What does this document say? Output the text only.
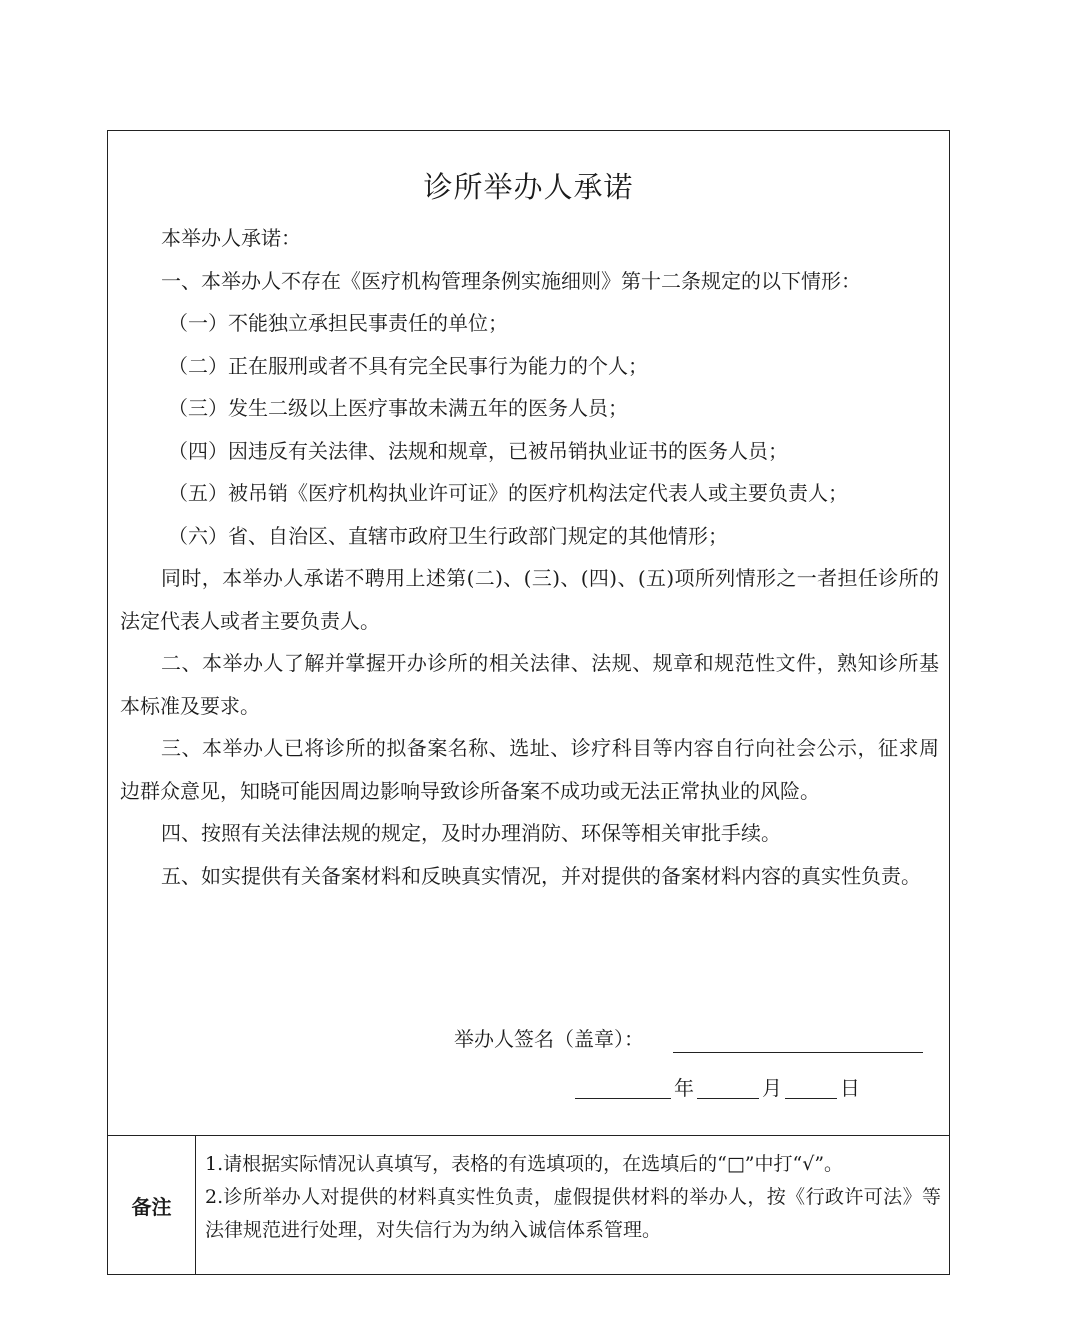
诊所举办人承诺

本举办人承诺：

一、本举办人不存在《医疗机构管理条例实施细则》第十二条规定的以下情形：

（一）不能独立承担民事责任的单位；

（二）正在服刑或者不具有完全民事行为能力的个人；

（三）发生二级以上医疗事故未满五年的医务人员；

（四）因违反有关法律、法规和规章，已被吊销执业证书的医务人员；

（五）被吊销《医疗机构执业许可证》的医疗机构法定代表人或主要负责人；

（六）省、自治区、直辖市政府卫生行政部门规定的其他情形；

同时，本举办人承诺不聘用上述第(二)、(三)、(四)、(五)项所列情形之一者担任诊所的法定代表人或者主要负责人。

二、本举办人了解并掌握开办诊所的相关法律、法规、规章和规范性文件，熟知诊所基本标准及要求。

三、本举办人已将诊所的拟备案名称、选址、诊疗科目等内容自行向社会公示，征求周边群众意见，知晓可能因周边影响导致诊所备案不成功或无法正常执业的风险。

四、按照有关法律法规的规定，及时办理消防、环保等相关审批手续。

五、如实提供有关备案材料和反映真实情况，并对提供的备案材料内容的真实性负责。

举办人签名（盖章）：
年	月	日
备注

1.请根据实际情况认真填写，表格的有选填项的，在选填后的“□”中打“√”。

2.诊所举办人对提供的材料真实性负责，虚假提供材料的举办人，按《行政许可法》等法律规范进行处理，对失信行为为纳入诚信体系管理。
